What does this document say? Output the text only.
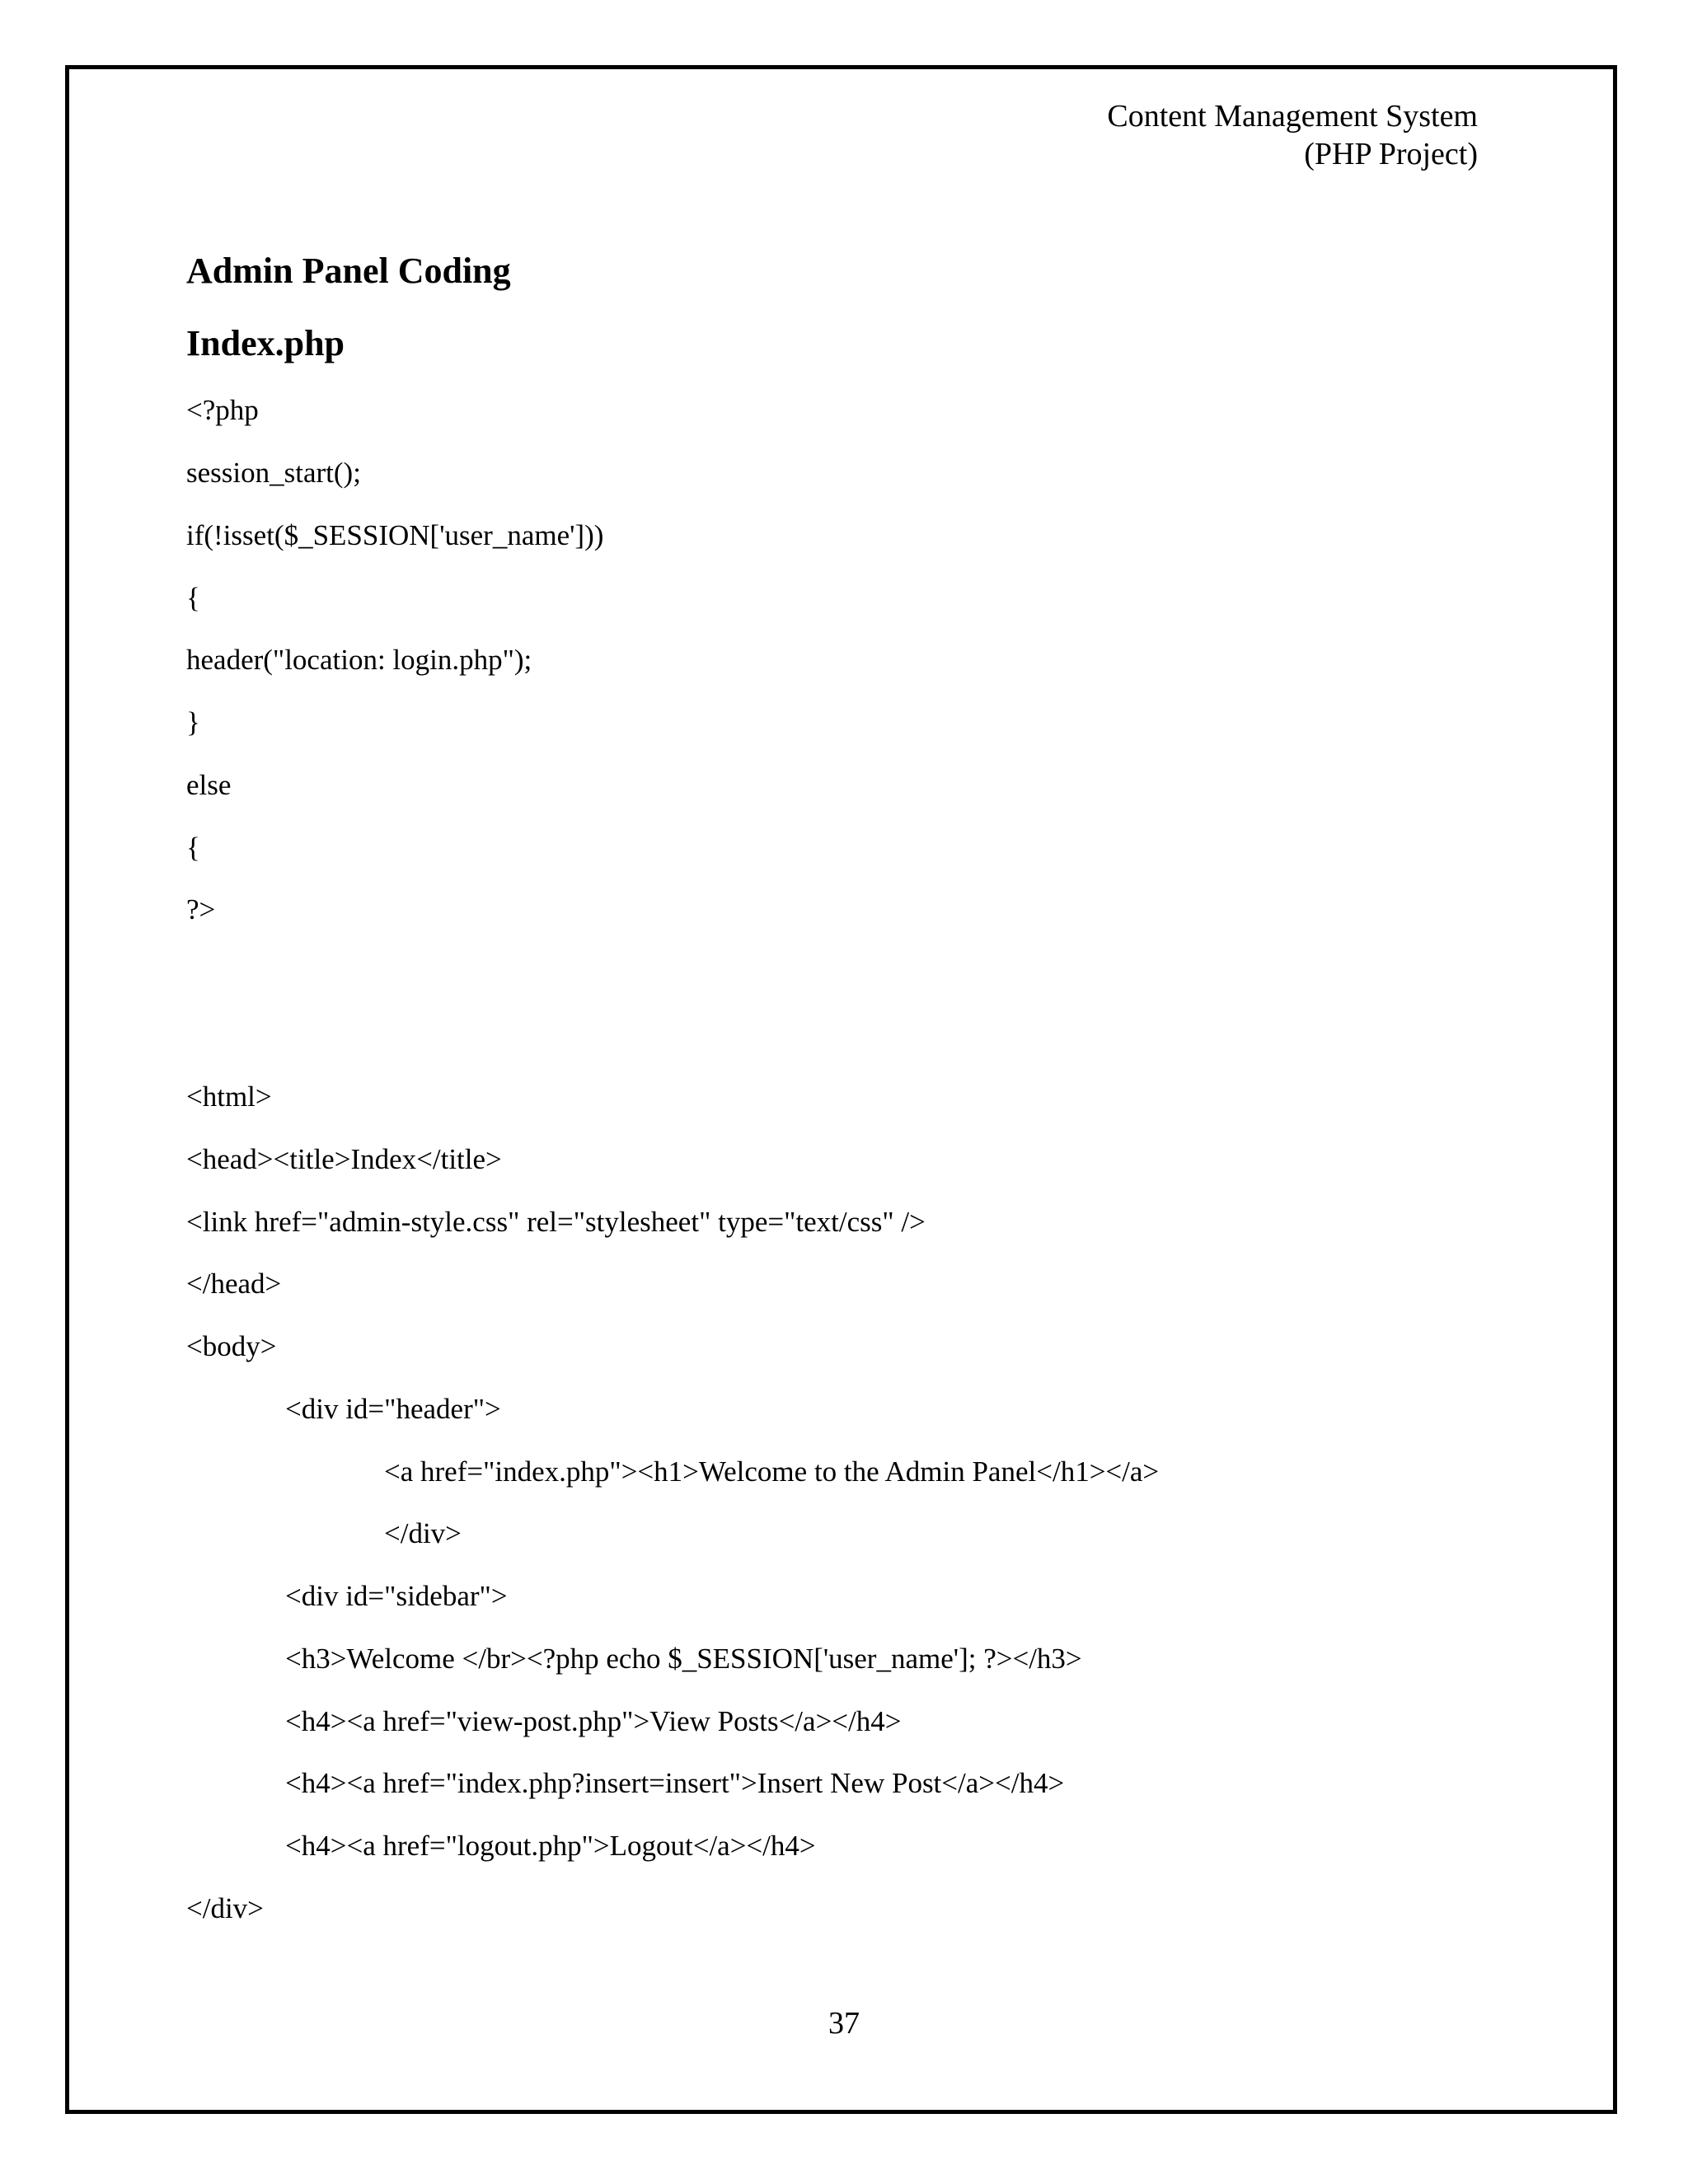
Content Management System
(PHP Project)
Admin Panel Coding
Index.php
<?php
session_start();
if(!isset($_SESSION['user_name']))
{
header("location: login.php");
}
else
{
?>
<html>
<head><title>Index</title>
<link href="admin-style.css" rel="stylesheet" type="text/css" />
</head>
<body>
<div id="header">
<a href="index.php"><h1>Welcome to the Admin Panel</h1></a>
</div>
<div id="sidebar">
<h3>Welcome </br><?php echo $_SESSION['user_name']; ?></h3>
<h4><a href="view-post.php">View Posts</a></h4>
<h4><a href="index.php?insert=insert">Insert New Post</a></h4>
<h4><a href="logout.php">Logout</a></h4>
</div>
37
